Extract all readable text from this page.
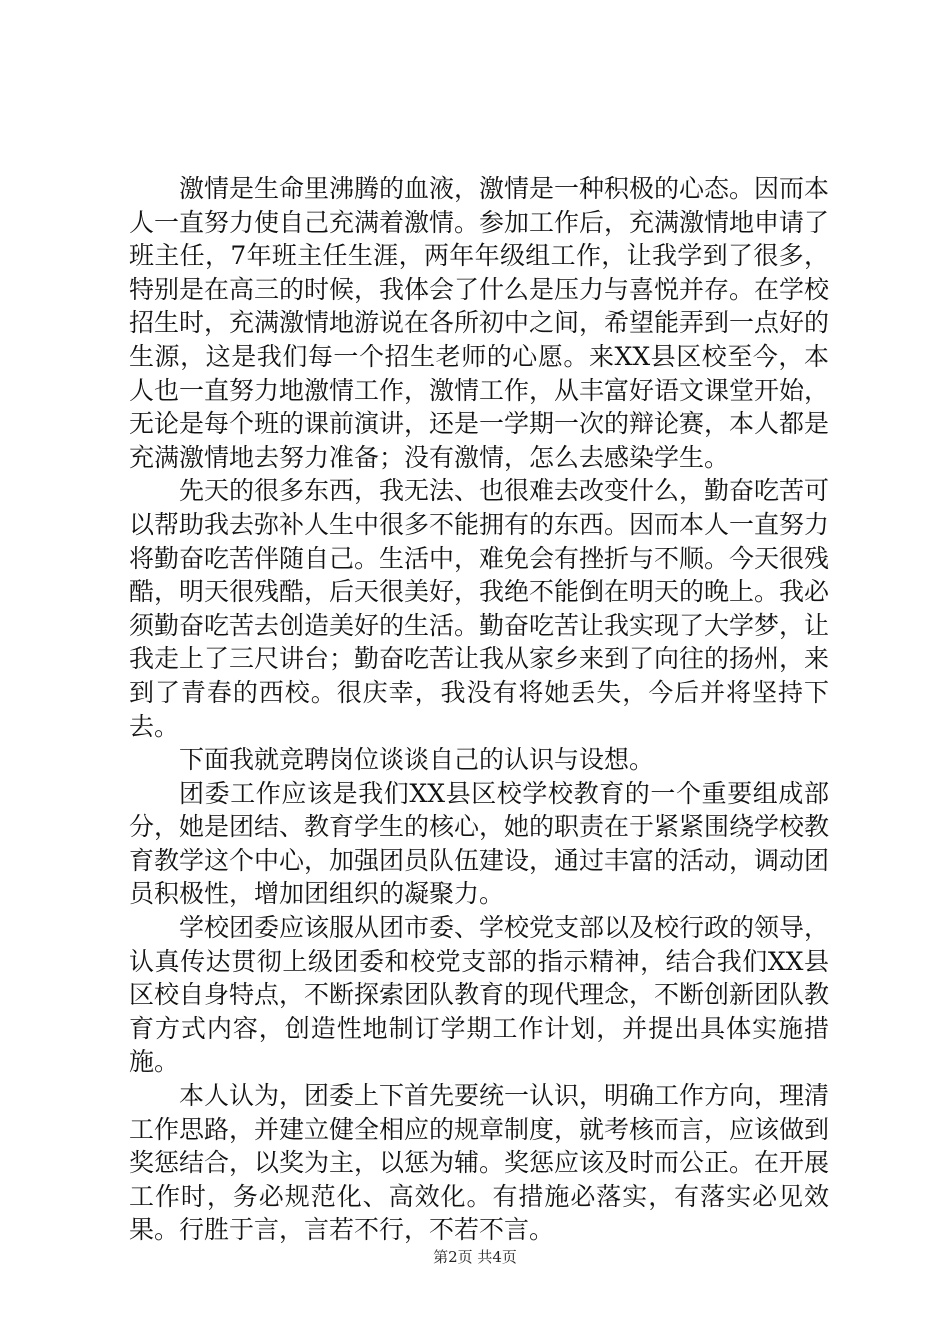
激情是生命里沸腾的血液，激情是一种积极的心态。因而本人一直努力使自己充满着激情。参加工作后，充满激情地申请了班主任，7年班主任生涯，两年年级组工作，让我学到了很多，特别是在高三的时候，我体会了什么是压力与喜悦并存。在学校招生时，充满激情地游说在各所初中之间，希望能弄到一点好的生源，这是我们每一个招生老师的心愿。来XX县区校至今，本人也一直努力地激情工作，激情工作，从丰富好语文课堂开始，无论是每个班的课前演讲，还是一学期一次的辩论赛，本人都是充满激情地去努力准备；没有激情，怎么去感染学生。

先天的很多东西，我无法、也很难去改变什么，勤奋吃苦可以帮助我去弥补人生中很多不能拥有的东西。因而本人一直努力将勤奋吃苦伴随自己。生活中，难免会有挫折与不顺。今天很残酷，明天很残酷，后天很美好，我绝不能倒在明天的晚上。我必须勤奋吃苦去创造美好的生活。勤奋吃苦让我实现了大学梦，让我走上了三尺讲台；勤奋吃苦让我从家乡来到了向往的扬州，来到了青春的西校。很庆幸，我没有将她丢失，今后并将坚持下去。

下面我就竞聘岗位谈谈自己的认识与设想。

团委工作应该是我们XX县区校学校教育的一个重要组成部分，她是团结、教育学生的核心，她的职责在于紧紧围绕学校教育教学这个中心，加强团员队伍建设，通过丰富的活动，调动团员积极性，增加团组织的凝聚力。

学校团委应该服从团市委、学校党支部以及校行政的领导，认真传达贯彻上级团委和校党支部的指示精神，结合我们XX县区校自身特点，不断探索团队教育的现代理念，不断创新团队教育方式内容，创造性地制订学期工作计划，并提出具体实施措施。

本人认为，团委上下首先要统一认识，明确工作方向，理清工作思路，并建立健全相应的规章制度，就考核而言，应该做到奖惩结合，以奖为主，以惩为辅。奖惩应该及时而公正。在开展工作时，务必规范化、高效化。有措施必落实，有落实必见效果。行胜于言，言若不行，不若不言。

第2页 共4页
